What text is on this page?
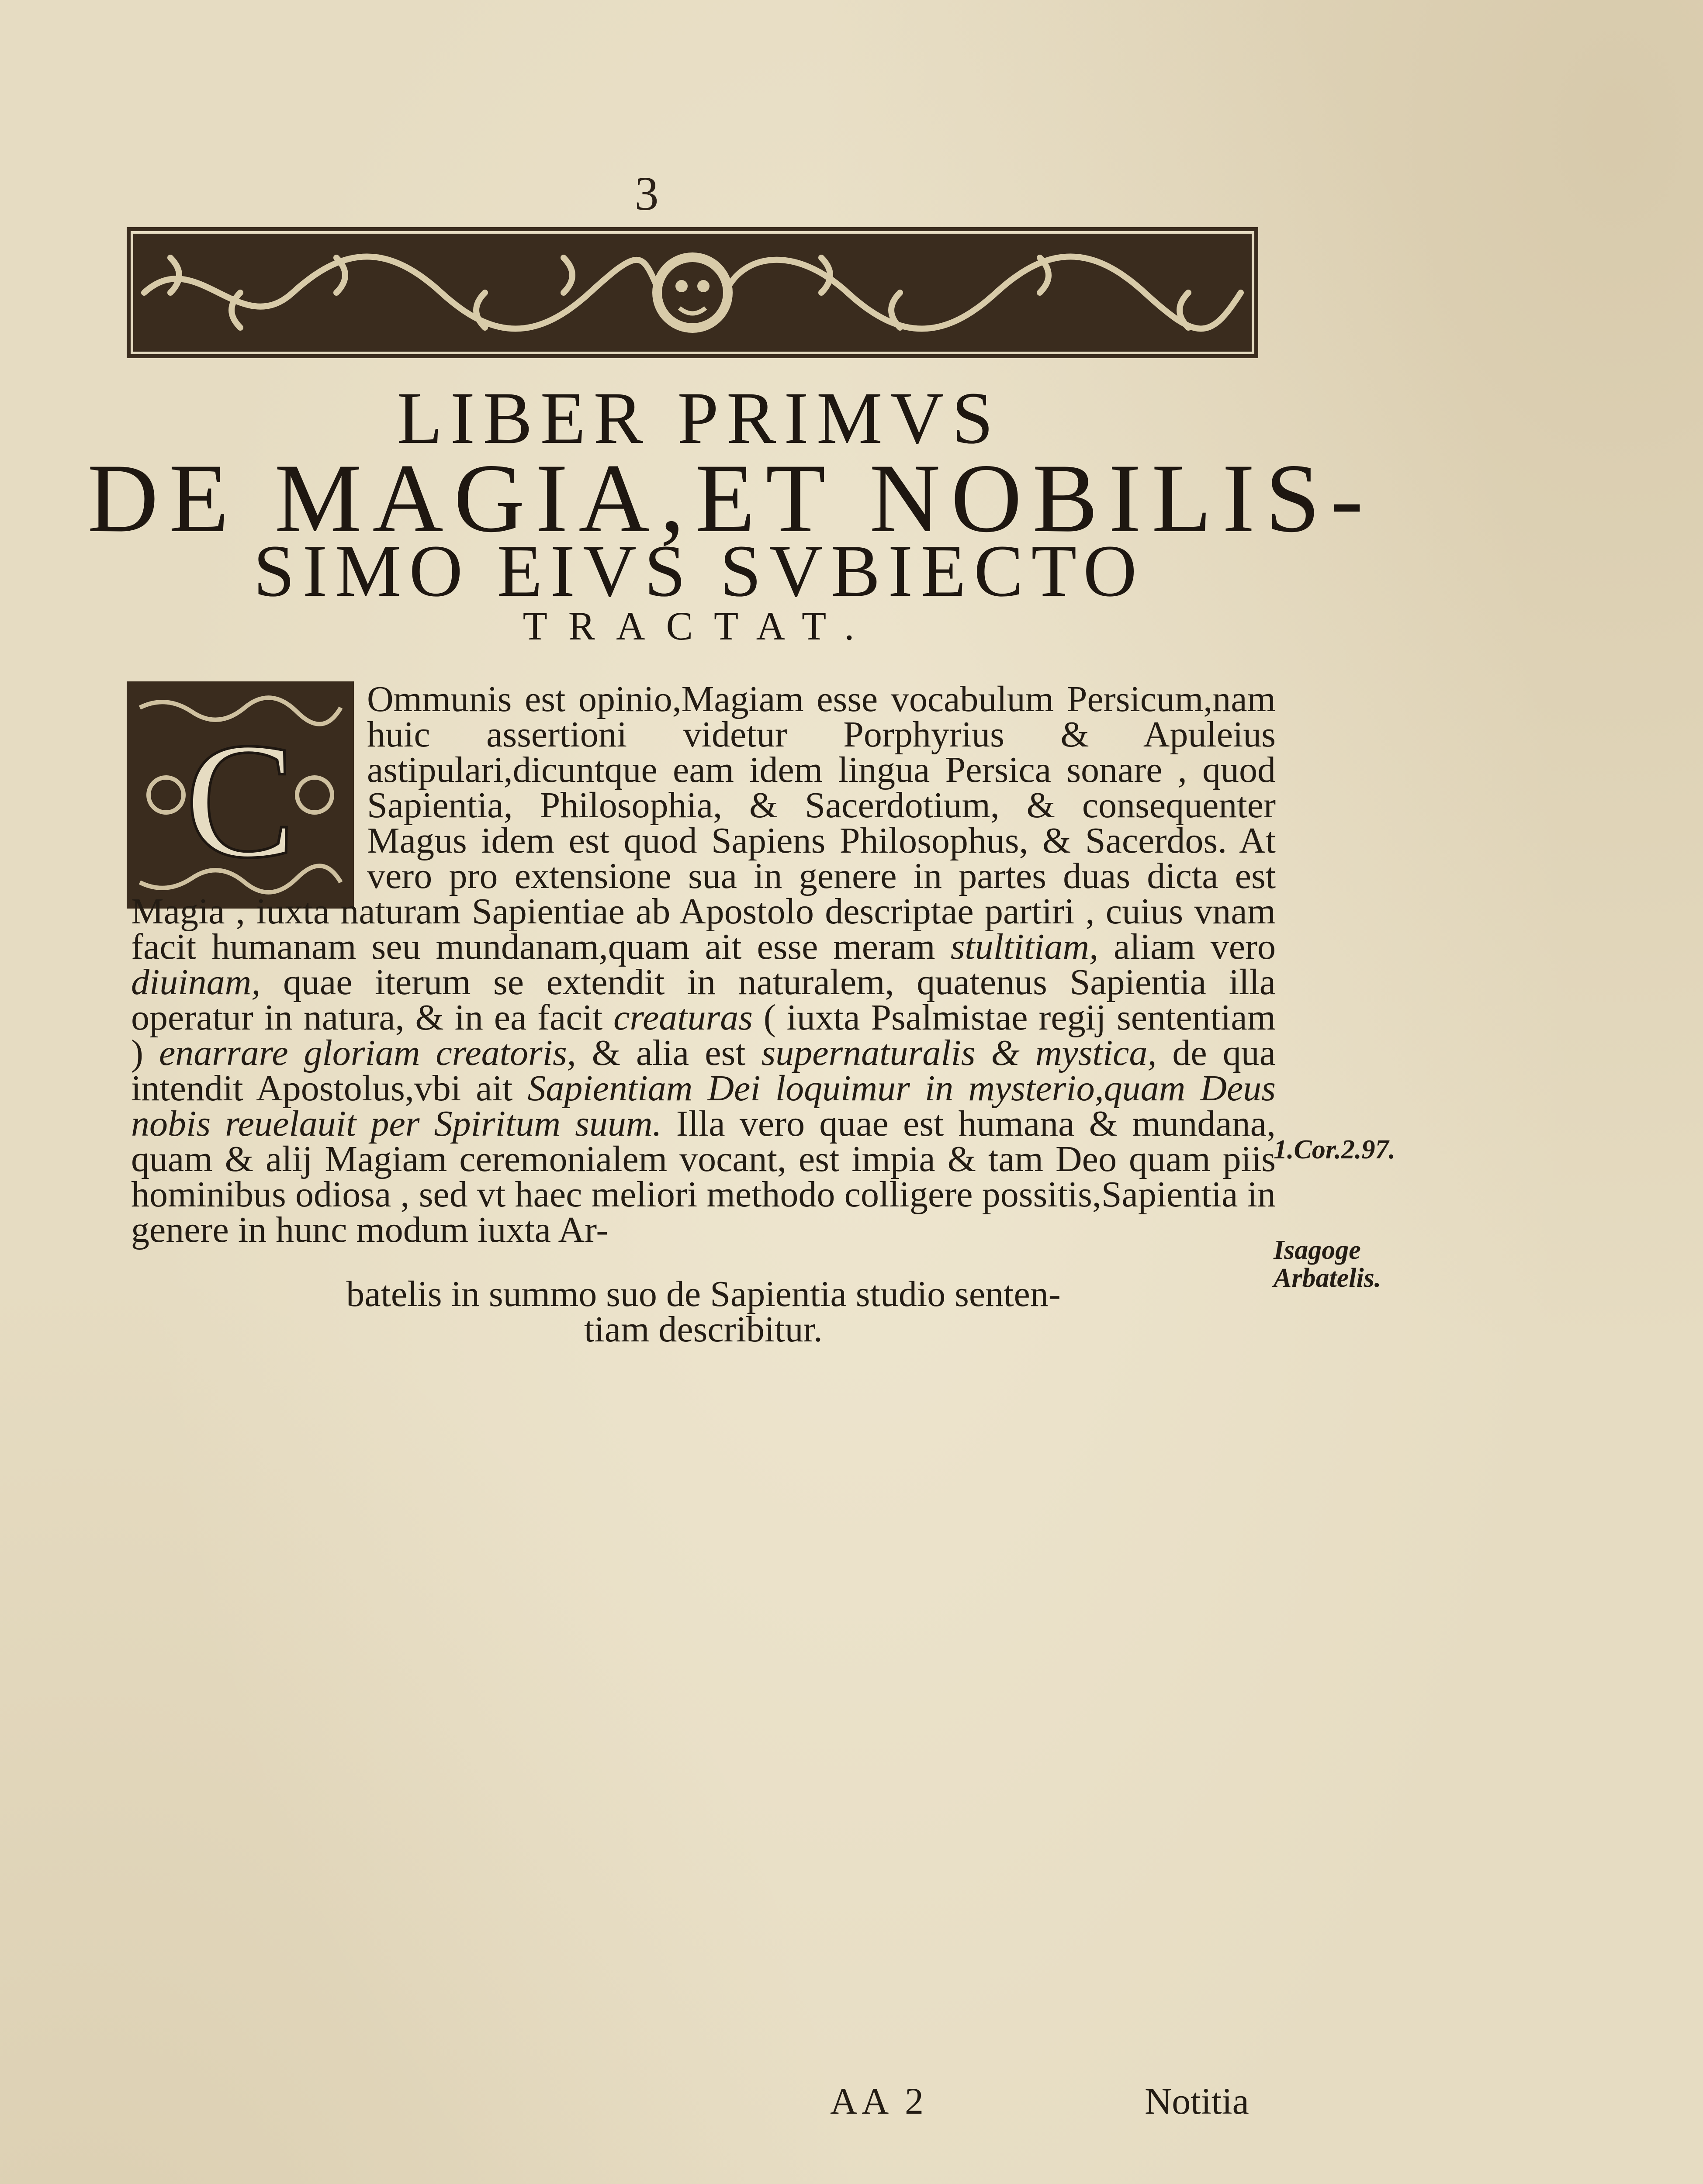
3
LIBER PRIMVS
DE MAGIA,ET NOBILIS-
SIMO EIVS SVBIECTO
TRACTAT.
C
Ommunis est opinio,Magiam esse vocabulum Persicum,nam huic assertioni videtur Porphyrius & Apuleius astipulari,dicuntque eam idem lingua Persica sonare , quod Sapientia, Philosophia, & Sacerdotium, & consequenter Magus idem est quod Sapiens Philosophus, & Sacerdos. At vero pro extensione sua in genere in partes duas dicta est Magia , iuxta naturam Sapientiae ab Apostolo descriptae partiri , cuius vnam facit humanam seu mundanam,quam ait esse meram stultitiam, aliam vero diuinam, quae iterum se extendit in naturalem, quatenus Sapientia illa operatur in natura, & in ea facit creaturas ( iuxta Psalmistae regij sententiam ) enarrare gloriam creatoris, & alia est supernaturalis & mystica, de qua intendit Apostolus,vbi ait Sapientiam Dei loquimur in mysterio,quam Deus nobis reuelauit per Spiritum suum. Illa vero quae est humana & mundana, quam & alij Magiam ceremonialem vocant, est impia & tam Deo quam piis hominibus odiosa , sed vt haec meliori methodo colligere possitis,Sapientia in genere in hunc modum iuxta Ar-
batelis in summo suo de Sapientia studio senten-
tiam describitur.
1.Cor.2.97.
Isagoge Arbatelis.
AA 2	Notitia
